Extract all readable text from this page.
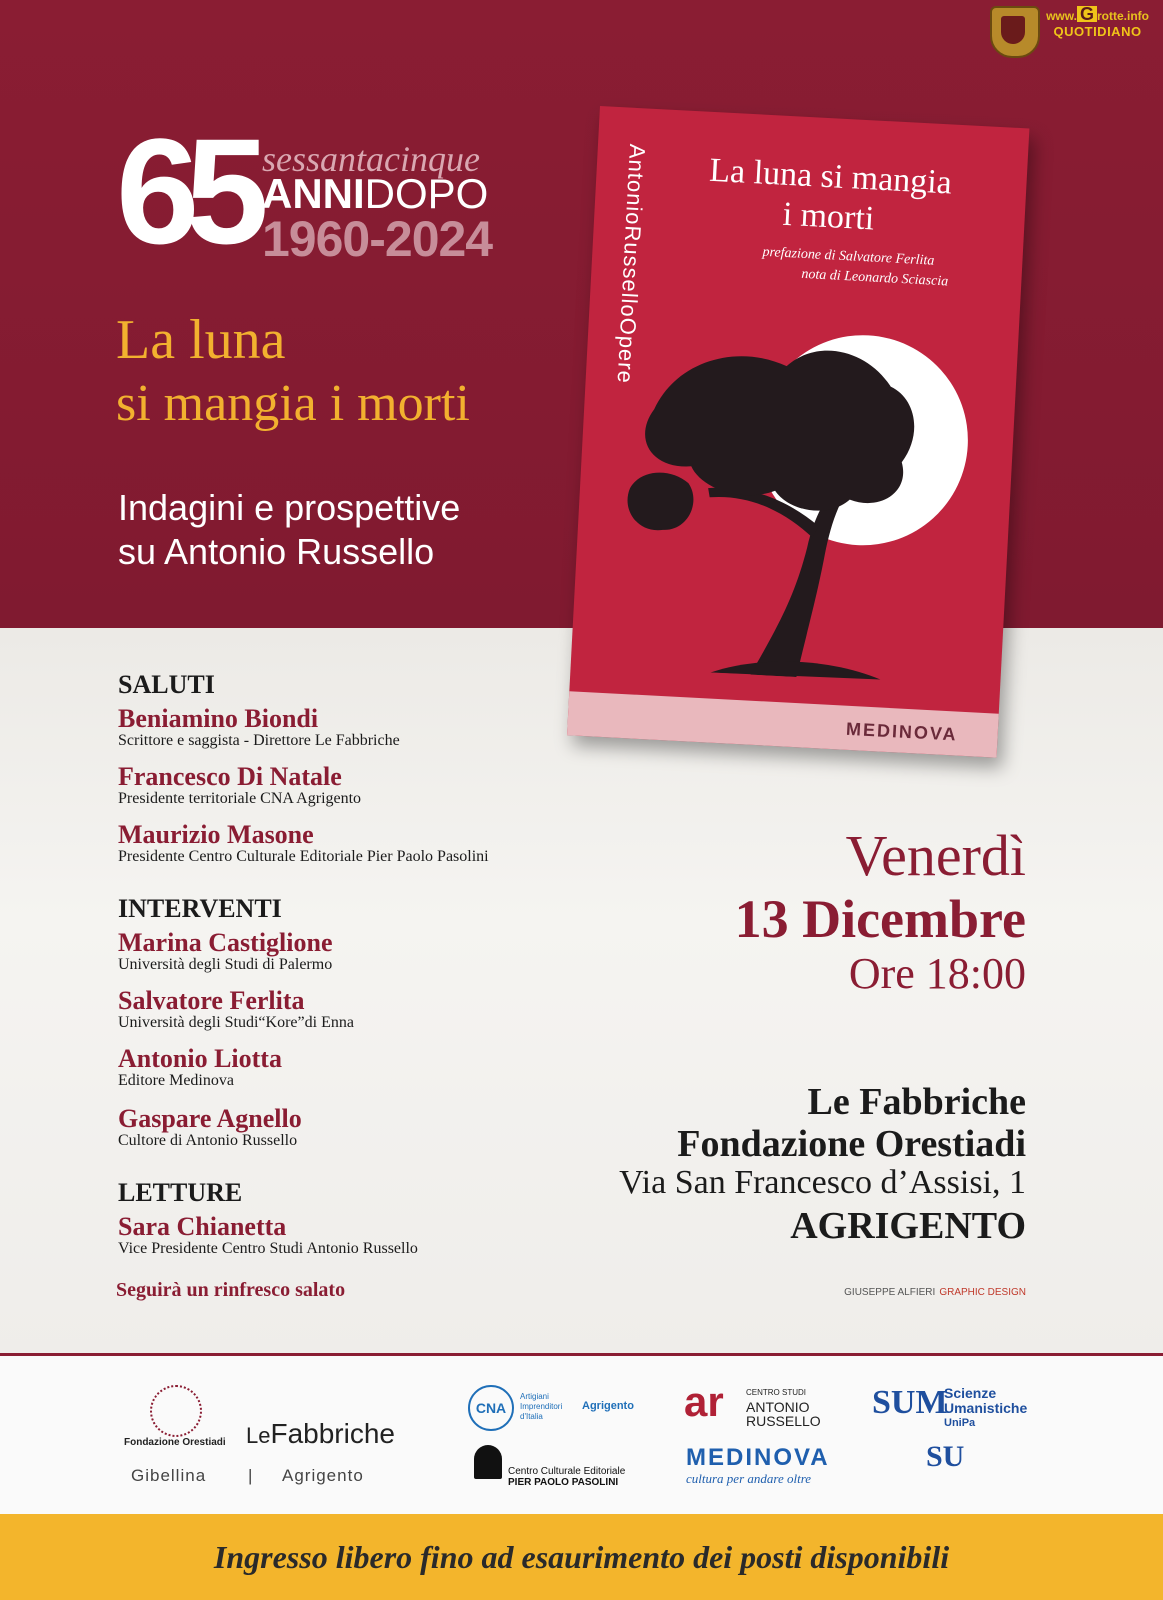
www. G rotte.info
QUOTIDIANO
65 sessantacinque
ANNIDOPO
1960-2024
La luna
si mangia i morti
Indagini e prospettive
su Antonio Russello
La luna si mangia
i morti
prefazione di Salvatore Ferlita
nota di Leonardo Sciascia
AntonioRusselloOpere
MEDINOVA
SALUTI
Beniamino Biondi
Scrittore e saggista - Direttore Le Fabbriche
Francesco Di Natale
Presidente territoriale CNA Agrigento
Maurizio Masone
Presidente Centro Culturale Editoriale Pier Paolo Pasolini
INTERVENTI
Marina Castiglione
Università degli Studi di Palermo
Salvatore Ferlita
Università degli Studi“Kore”di Enna
Antonio Liotta
Editore Medinova
Gaspare Agnello
Cultore di Antonio Russello
LETTURE
Sara Chianetta
Vice Presidente Centro Studi Antonio Russello
Seguirà un rinfresco salato
Venerdì
13 Dicembre
Ore 18:00
Le Fabbriche
Fondazione Orestiadi
Via San Francesco d’Assisi, 1
AGRIGENTO
GIUSEPPE ALFIERI GRAPHIC DESIGN
Fondazione Orestiadi LeFabbriche
Gibellina | Agrigento
CNA
Artigiani Imprenditori d'Italia
Agrigento
Centro Culturale Editoriale
PIER PAOLO PASOLINI
ar	CENTRO STUDI
ANTONIO
RUSSELLO
MEDINOVA
cultura per andare oltre
SUM
Scienze
Umanistiche
UniPa
SU
Ingresso libero fino ad esaurimento dei posti disponibili
